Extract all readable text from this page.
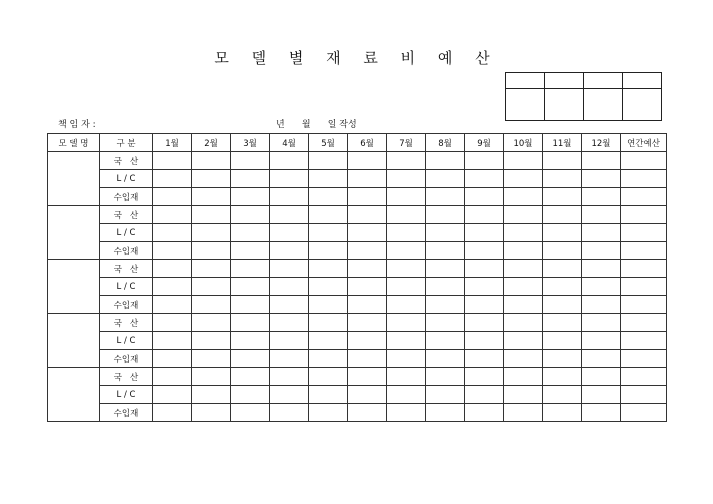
모 델 별 재 료 비 예 산

책 임 자 :	년      월      일 작성
모 델 명	구 분	1월	2월	3월	4월	5월	6월	7월	8월	9월	10월	11월	12월	연간예산
	국   산													
	L / C													
	수입재													
	국   산													
	L / C													
	수입재													
	국   산													
	L / C													
	수입재													
	국   산													
	L / C													
	수입재													
	국   산													
	L / C													
	수입재													
